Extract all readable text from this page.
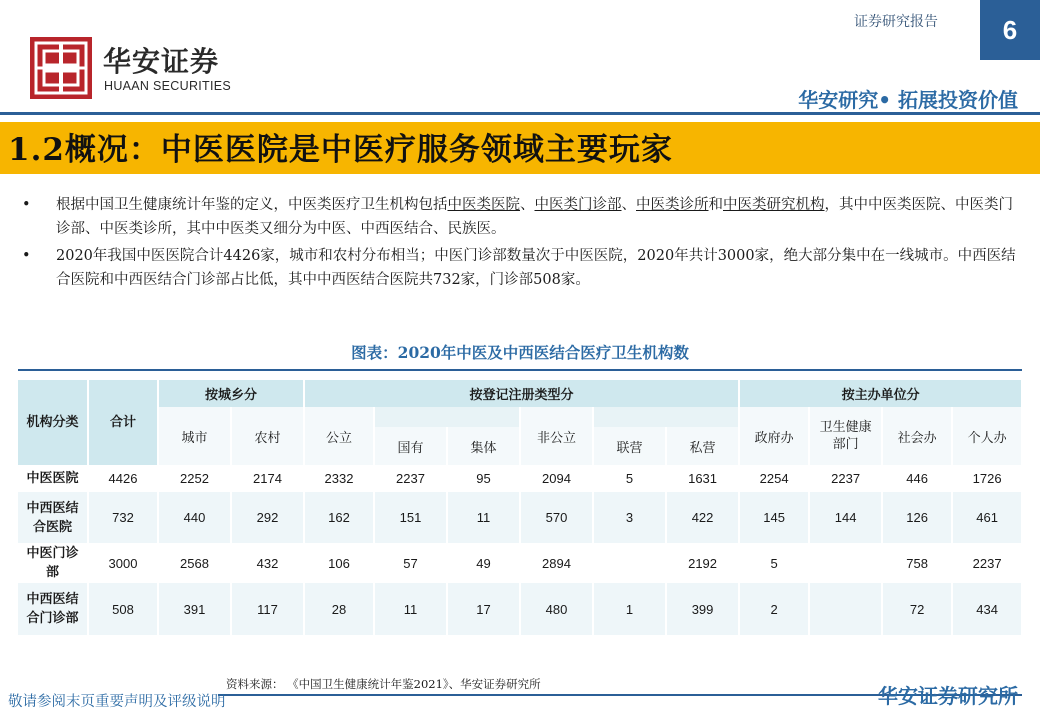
华安证券
HUAAN SECURITIES
证券研究报告	6
华安研究• 拓展投资价值
1.2概况：中医医院是中医疗服务领域主要玩家
• 根据中国卫生健康统计年鉴的定义，中医类医疗卫生机构包括中医类医院、中医类门诊部、中医类诊所和中医类研究机构，其中中医类医院、中医类门诊部、中医类诊所，其中中医类又细分为中医、中西医结合、民族医。
• 2020年我国中医医院合计4426家，城市和农村分布相当；中医门诊部数量次于中医医院，2020年共计3000家，绝大部分集中在一线城市。中西医结合医院和中西医结合门诊部占比低，其中中西医结合医院共732家，门诊部508家。
图表：2020年中医及中西医结合医疗卫生机构数
机构分类	合计	按城乡分		按登记注册类型分						按主办单位分			
		城市	农村	公立			非公立			政府办	卫生健康部门	社会办	个人办
					国有	集体		联营	私营				
中医医院	4426	2252	2174	2332	2237	95	2094	5	1631	2254	2237	446	1726
中西医结合医院	732	440	292	162	151	11	570	3	422	145	144	126	461
中医门诊部	3000	2568	432	106	57	49	2894		2192	5		758	2237
中西医结合门诊部	508	391	117	28	11	17	480	1	399	2		72	434
资料来源： 《中国卫生健康统计年鉴2021》、华安证券研究所
敬请参阅末页重要声明及评级说明	华安证券研究所
